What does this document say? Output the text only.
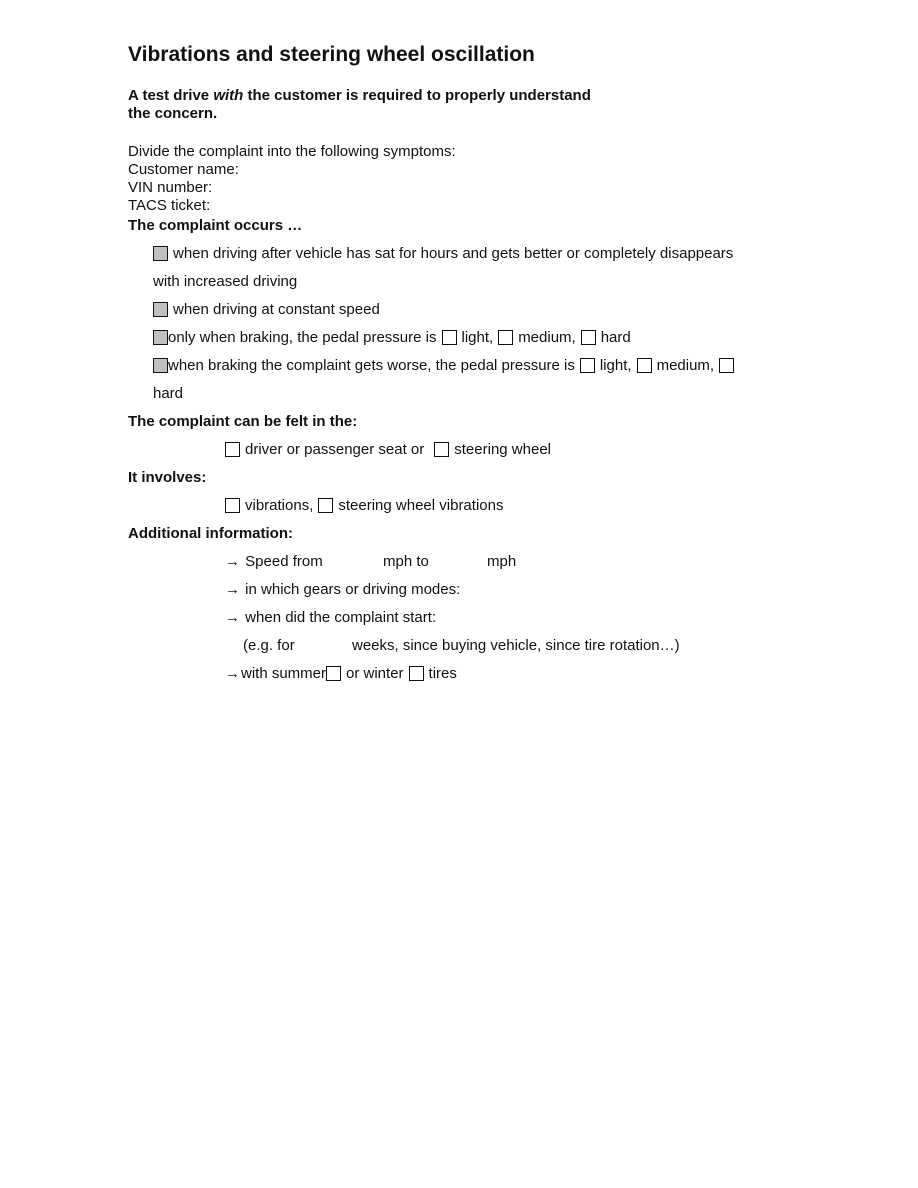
Vibrations and steering wheel oscillation
A test drive with the customer is required to properly understand
the concern.
Divide the complaint into the following symptoms:
Customer name:
VIN number:
TACS ticket:
The complaint occurs …
when driving after vehicle has sat for hours and gets better or completely disappears
with increased driving
when driving at constant speed
only when braking, the pedal pressure is light, medium, hard
when braking the complaint gets worse, the pedal pressure is light, medium,
hard
The complaint can be felt in the:
driver or passenger seat or steering wheel
It involves:
vibrations, steering wheel vibrations
Additional information:
→ Speed from	mph to	mph
→ in which gears or driving modes:
→ when did the complaint start:
(e.g. for	weeks, since buying vehicle, since tire rotation…)
→ with summer or winter tires
